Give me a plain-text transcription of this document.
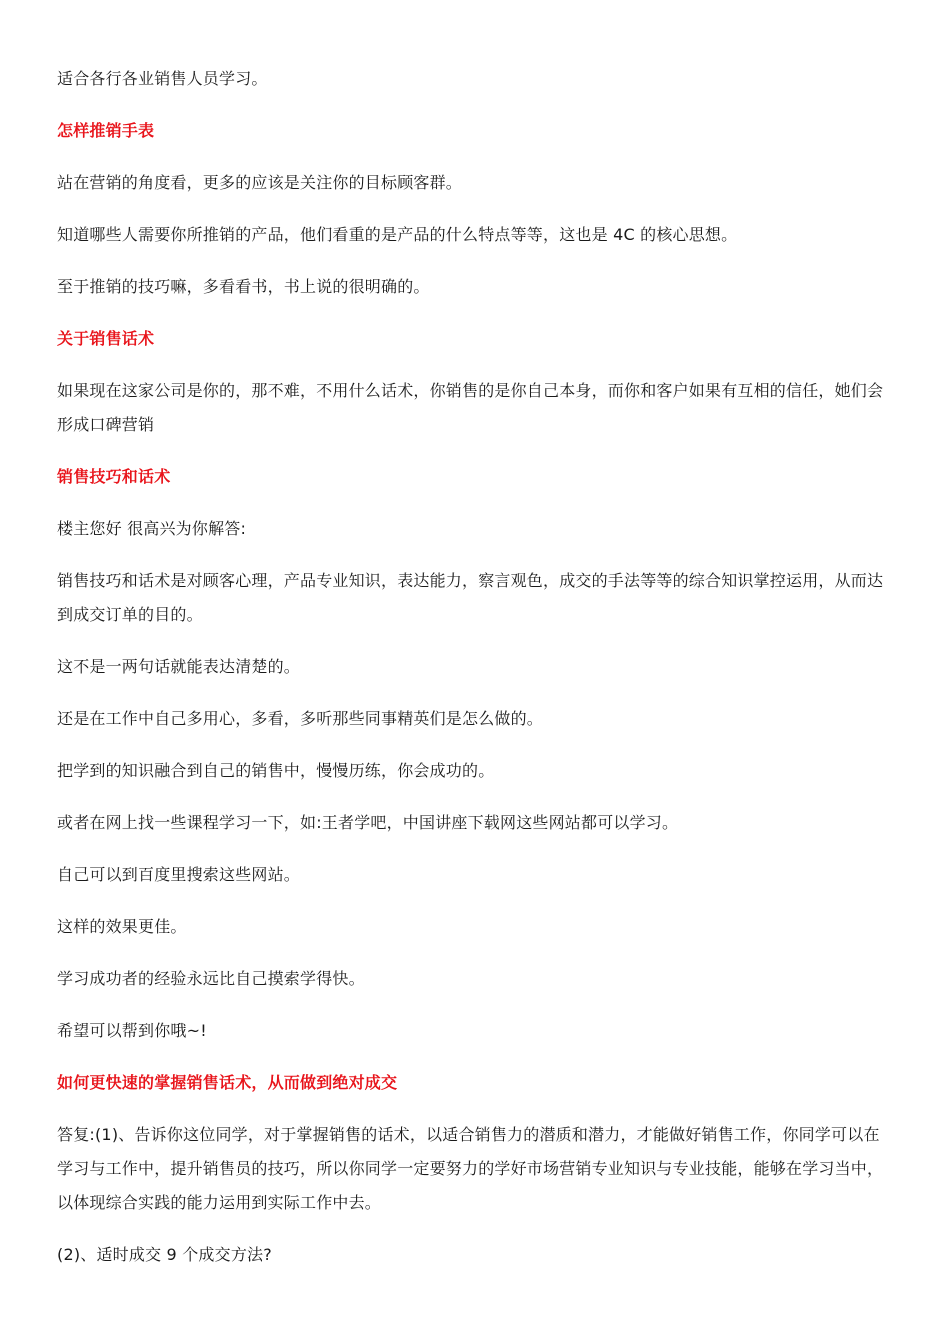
适合各行各业销售人员学习。

怎样推销手表

站在营销的角度看，更多的应该是关注你的目标顾客群。

知道哪些人需要你所推销的产品，他们看重的是产品的什么特点等等，这也是 4C 的核心思想。

至于推销的技巧嘛，多看看书，书上说的很明确的。

关于销售话术

如果现在这家公司是你的，那不难，不用什么话术，你销售的是你自己本身，而你和客户如果有互相的信任，她们会形成口碑营销

销售技巧和话术

楼主您好 很高兴为你解答:

销售技巧和话术是对顾客心理，产品专业知识，表达能力，察言观色，成交的手法等等的综合知识掌控运用，从而达到成交订单的目的。

这不是一两句话就能表达清楚的。

还是在工作中自己多用心，多看，多听那些同事精英们是怎么做的。

把学到的知识融合到自己的销售中，慢慢历练，你会成功的。

或者在网上找一些课程学习一下，如:王者学吧，中国讲座下载网这些网站都可以学习。

自己可以到百度里搜索这些网站。

这样的效果更佳。

学习成功者的经验永远比自己摸索学得快。

希望可以帮到你哦~!

如何更快速的掌握销售话术，从而做到绝对成交

答复:(1)、告诉你这位同学，对于掌握销售的话术，以适合销售力的潜质和潜力，才能做好销售工作，你同学可以在学习与工作中，提升销售员的技巧，所以你同学一定要努力的学好市场营销专业知识与专业技能，能够在学习当中，以体现综合实践的能力运用到实际工作中去。

(2)、适时成交 9 个成交方法?
